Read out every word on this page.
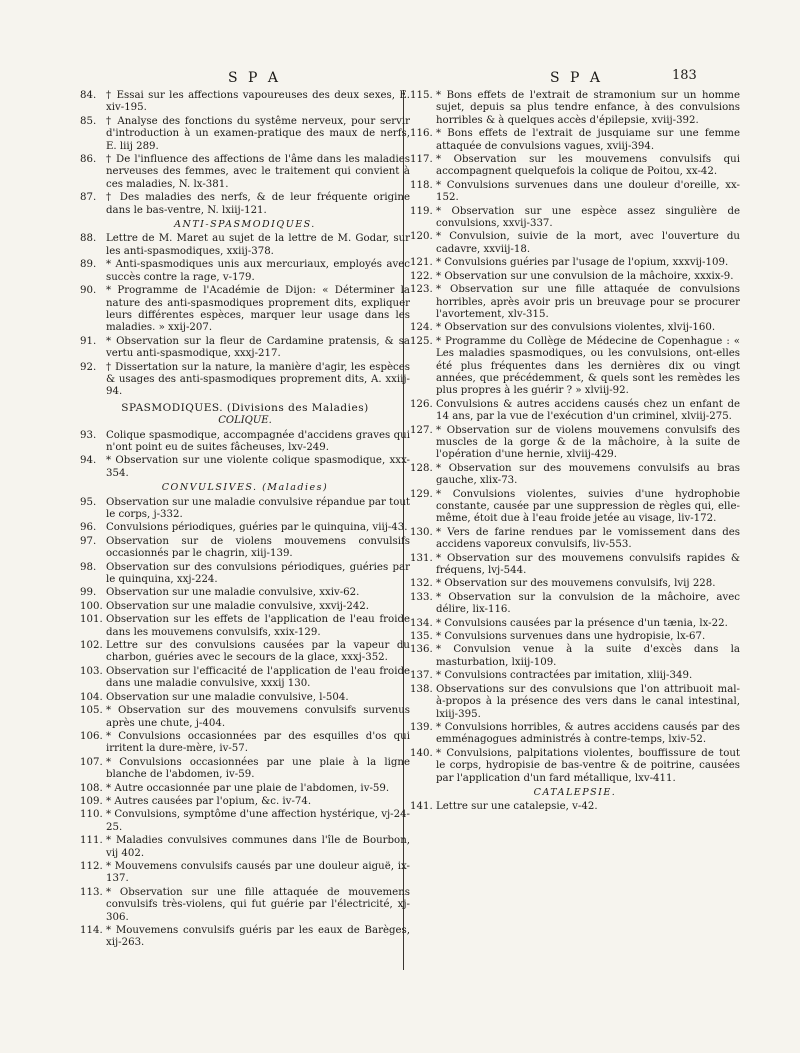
S P A	S P A	183
84. † Essai sur les affections vapoureuses des deux sexes, E. xiv-195.
85. † Analyse des fonctions du systême nerveux, pour servir d'introduction à un examen-pratique des maux de nerfs, E. liij 289.
86. † De l'influence des affections de l'âme dans les maladies nerveuses des femmes, avec le traitement qui convient à ces maladies, N. lx-381.
87. † Des maladies des nerfs, & de leur fréquente origine dans le bas-ventre, N. lxiij-121.
ANTI-SPASMODIQUES.
88. Lettre de M. Maret au sujet de la lettre de M. Godar, sur les anti-spasmodiques, xxiij-378.
89. * Anti-spasmodiques unis aux mercuriaux, employés avec succès contre la rage, v-179.
90. * Programme de l'Académie de Dijon: « Déterminer la nature des anti-spasmodiques proprement dits, expliquer leurs différentes espèces, marquer leur usage dans les maladies. » xxij-207.
91. * Observation sur la fleur de Cardamine pratensis, & sa vertu anti-spasmodique, xxxj-217.
92. † Dissertation sur la nature, la manière d'agir, les espèces & usages des anti-spasmodiques proprement dits, A. xxiij-94.
SPASMODIQUES. (Divisions des Maladies)
COLIQUE.
93. Colique spasmodique, accompagnée d'accidens graves qui n'ont point eu de suites fâcheuses, lxv-249.
94. * Observation sur une violente colique spasmodique, xxx-354.
CONVULSIVES. (Maladies)
95. Observation sur une maladie convulsive répandue par tout le corps, j-332.
96. Convulsions périodiques, guéries par le quinquina, viij-43.
97. Observation sur de violens mouvemens convulsifs occasionnés par le chagrin, xiij-139.
98. Observation sur des convulsions périodiques, guéries par le quinquina, xxj-224.
99. Observation sur une maladie convulsive, xxiv-62.
100. Observation sur une maladie convulsive, xxvij-242.
101. Observation sur les effets de l'application de l'eau froide dans les mouvemens convulsifs, xxix-129.
102. Lettre sur des convulsions causées par la vapeur du charbon, guéries avec le secours de la glace, xxxj-352.
103. Observation sur l'efficacité de l'application de l'eau froide dans une maladie convulsive, xxxij 130.
104. Observation sur une maladie convulsive, l-504.
105. * Observation sur des mouvemens convulsifs survenus après une chute, j-404.
106. * Convulsions occasionnées par des esquilles d'os qui irritent la dure-mère, iv-57.
107. * Convulsions occasionnées par une plaie à la ligne blanche de l'abdomen, iv-59.
108. * Autre occasionnée par une plaie de l'abdomen, iv-59.
109. * Autres causées par l'opium, &c. iv-74.
110. * Convulsions, symptôme d'une affection hystérique, vj-24-25.
111. * Maladies convulsives communes dans l'île de Bourbon, vij 402.
112. * Mouvemens convulsifs causés par une douleur aiguë, ix-137.
113. * Observation sur une fille attaquée de mouvemens convulsifs très-violens, qui fut guérie par l'électricité, xj-306.
114. * Mouvemens convulsifs guéris par les eaux de Barèges, xij-263.
115. * Bons effets de l'extrait de stramonium sur un homme sujet, depuis sa plus tendre enfance, à des convulsions horribles & à quelques accès d'épilepsie, xviij-392.
116. * Bons effets de l'extrait de jusquiame sur une femme attaquée de convulsions vagues, xviij-394.
117. * Observation sur les mouvemens convulsifs qui accompagnent quelquefois la colique de Poitou, xx-42.
118. * Convulsions survenues dans une douleur d'oreille, xx-152.
119. * Observation sur une espèce assez singulière de convulsions, xxvij-337.
120. * Convulsion, suivie de la mort, avec l'ouverture du cadavre, xxviij-18.
121. * Convulsions guéries par l'usage de l'opium, xxxvij-109.
122. * Observation sur une convulsion de la mâchoire, xxxix-9.
123. * Observation sur une fille attaquée de convulsions horribles, après avoir pris un breuvage pour se procurer l'avortement, xlv-315.
124. * Observation sur des convulsions violentes, xlvij-160.
125. * Programme du Collège de Médecine de Copenhague : « Les maladies spasmodiques, ou les convulsions, ont-elles été plus fréquentes dans les dernières dix ou vingt années, que précédemment, & quels sont les remèdes les plus propres à les guérir ? » xlviij-92.
126. Convulsions & autres accidens causés chez un enfant de 14 ans, par la vue de l'exécution d'un criminel, xlviij-275.
127. * Observation sur de violens mouvemens convulsifs des muscles de la gorge & de la mâchoire, à la suite de l'opération d'une hernie, xlviij-429.
128. * Observation sur des mouvemens convulsifs au bras gauche, xlix-73.
129. * Convulsions violentes, suivies d'une hydrophobie constante, causée par une suppression de règles qui, elle-même, étoit due à l'eau froide jetée au visage, liv-172.
130. * Vers de farine rendues par le vomissement dans des accidens vaporeux convulsifs, liv-553.
131. * Observation sur des mouvemens convulsifs rapides & fréquens, lvj-544.
132. * Observation sur des mouvemens convulsifs, lvij 228.
133. * Observation sur la convulsion de la mâchoire, avec délire, lix-116.
134. * Convulsions causées par la présence d'un tænia, lx-22.
135. * Convulsions survenues dans une hydropisie, lx-67.
136. * Convulsion venue à la suite d'excès dans la masturbation, lxiij-109.
137. * Convulsions contractées par imitation, xliij-349.
138. Observations sur des convulsions que l'on attribuoit mal-à-propos à la présence des vers dans le canal intestinal, lxiij-395.
139. * Convulsions horribles, & autres accidens causés par des emménagogues administrés à contre-temps, lxiv-52.
140. * Convulsions, palpitations violentes, bouffissure de tout le corps, hydropisie de bas-ventre & de poitrine, causées par l'application d'un fard métallique, lxv-411.
CATALEPSIE.
141. Lettre sur une catalepsie, v-42.
